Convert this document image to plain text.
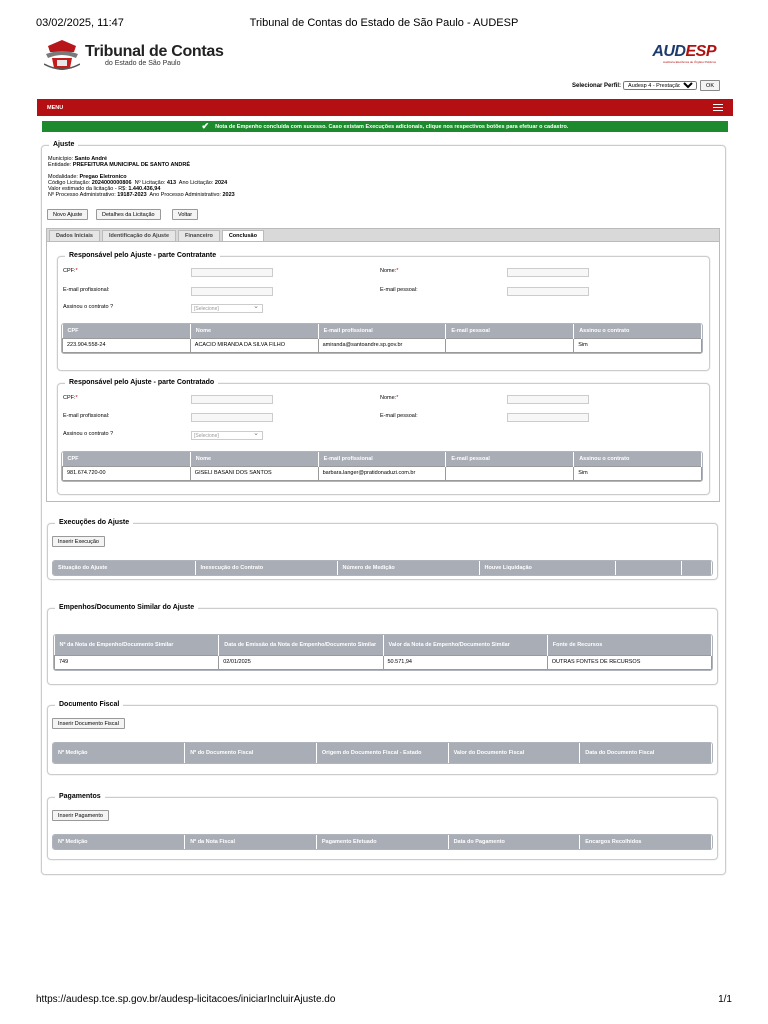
03/02/2025, 11:47	Tribunal de Contas do Estado de São Paulo - AUDESP
https://audesp.tce.sp.gov.br/audesp-licitacoes/iniciarIncluirAjuste.do	1/1
Tribunal de Contas
do Estado de São Paulo
AUDESP
Auditoria Eletrônica de Órgãos Públicos
Selecionar Perfil:
Audesp 4 - Prestação	OK
MENU
✔ Nota de Empenho concluída com sucesso. Caso existam Execuções adicionais, clique nos respectivos botões para efetuar o cadastro.
Ajuste
Município: Santo André
Entidade: PREFEITURA MUNICIPAL DE SANTO ANDRÉ
Modalidade: Pregao Eletronico
Código Licitação: 2024000000806 Nº Licitação: 413 Ano Licitação: 2024
Valor estimado da licitação - R$: 1.440.436,94
Nº Processo Administrativo: 19187-2023 Ano Processo Administrativo: 2023
Novo Ajuste	Detalhes da Licitação	Voltar
Dados Iniciais	Identificação do Ajuste	Financeiro	Conclusão
Responsável pelo Ajuste - parte Contratante
CPF:*	Nome:*
E-mail profissional:	E-mail pessoal:
Assinou o contrato ?	[Selecione] ⌄
CPF	Nome	E-mail profissional	E-mail pessoal	Assinou o contrato
223.904.558-24	ACACIO MIRANDA DA SILVA FILHO	amiranda@santoandre.sp.gov.br		Sim
Responsável pelo Ajuste - parte Contratado
CPF:*	Nome:*
E-mail profissional:	E-mail pessoal:
Assinou o contrato ?	[Selecione] ⌄
CPF	Nome	E-mail profissional	E-mail pessoal	Assinou o contrato
981.674.720-00	GISELI BASANI DOS SANTOS	barbara.langer@pratidonaduzi.com.br		Sim
Execuções do Ajuste
Inserir Execução
Situação do Ajuste	Inexecução do Contrato	Número de Medição	Houve Liquidação		
Empenhos/Documento Similar do Ajuste
Nº da Nota de Empenho/Documento Similar	Data de Emissão da Nota de Empenho/Documento Similar	Valor da Nota de Empenho/Documento Similar	Fonte de Recursos
749	02/01/2025	50.571,94	OUTRAS FONTES DE RECURSOS
Documento Fiscal
Inserir Documento Fiscal
Nº Medição	Nº do Documento Fiscal	Origem do Documento Fiscal - Estado	Valor do Documento Fiscal	Data do Documento Fiscal
Pagamentos
Inserir Pagamento
Nº Medição	Nº da Nota Fiscal	Pagamento Efetuado	Data do Pagamento	Encargos Recolhidos
